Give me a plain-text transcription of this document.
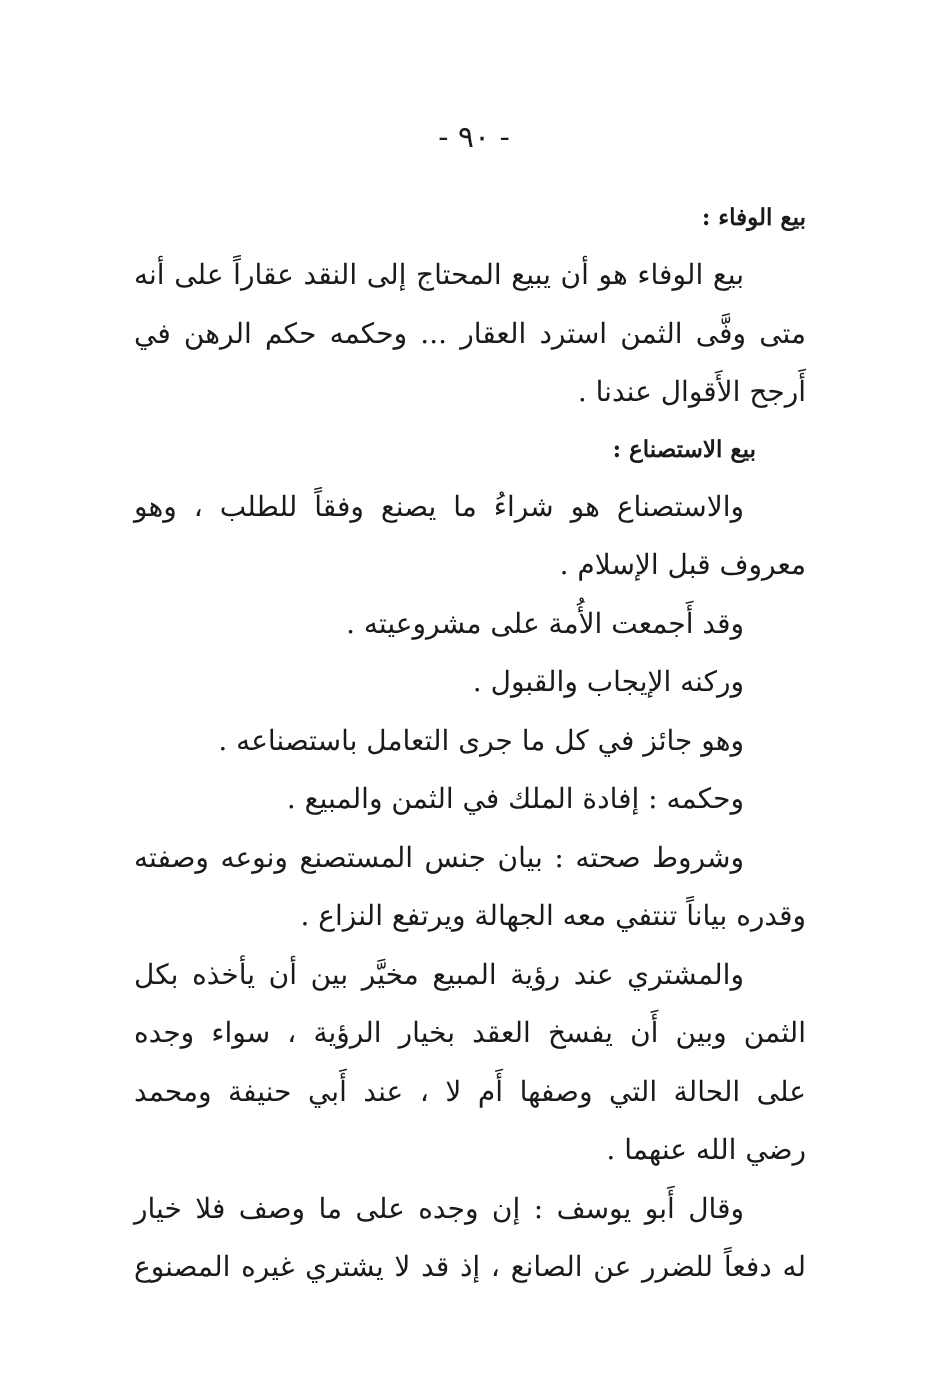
- ٩٠ -
بيع الوفاء :
بيع الوفاء هو أن يبيع المحتاج إلى النقد عقاراً على أنه
متى وفَّى الثمن استرد العقار ... وحكمه حكم الرهن في
أَرجح الأَقوال عندنا .
بيع الاستصناع :
والاستصناع هو شراءُ ما يصنع وفقاً للطلب ، وهو
معروف قبل الإسلام .
وقد أَجمعت الأُمة على مشروعيته .
وركنه الإيجاب والقبول .
وهو جائز في كل ما جرى التعامل باستصناعه .
وحكمه : إفادة الملك في الثمن والمبيع .
وشروط صحته : بيان جنس المستصنع ونوعه وصفته
وقدره بياناً تنتفي معه الجهالة ويرتفع النزاع .
والمشتري عند رؤية المبيع مخيَّر بين أن يأخذه بكل
الثمن وبين أَن يفسخ العقد بخيار الرؤية ، سواء وجده
على الحالة التي وصفها أَم لا ، عند أَبي حنيفة ومحمد
رضي الله عنهما .
وقال أَبو يوسف : إن وجده على ما وصف فلا خيار
له دفعاً للضرر عن الصانع ، إذ قد لا يشتري غيره المصنوع
